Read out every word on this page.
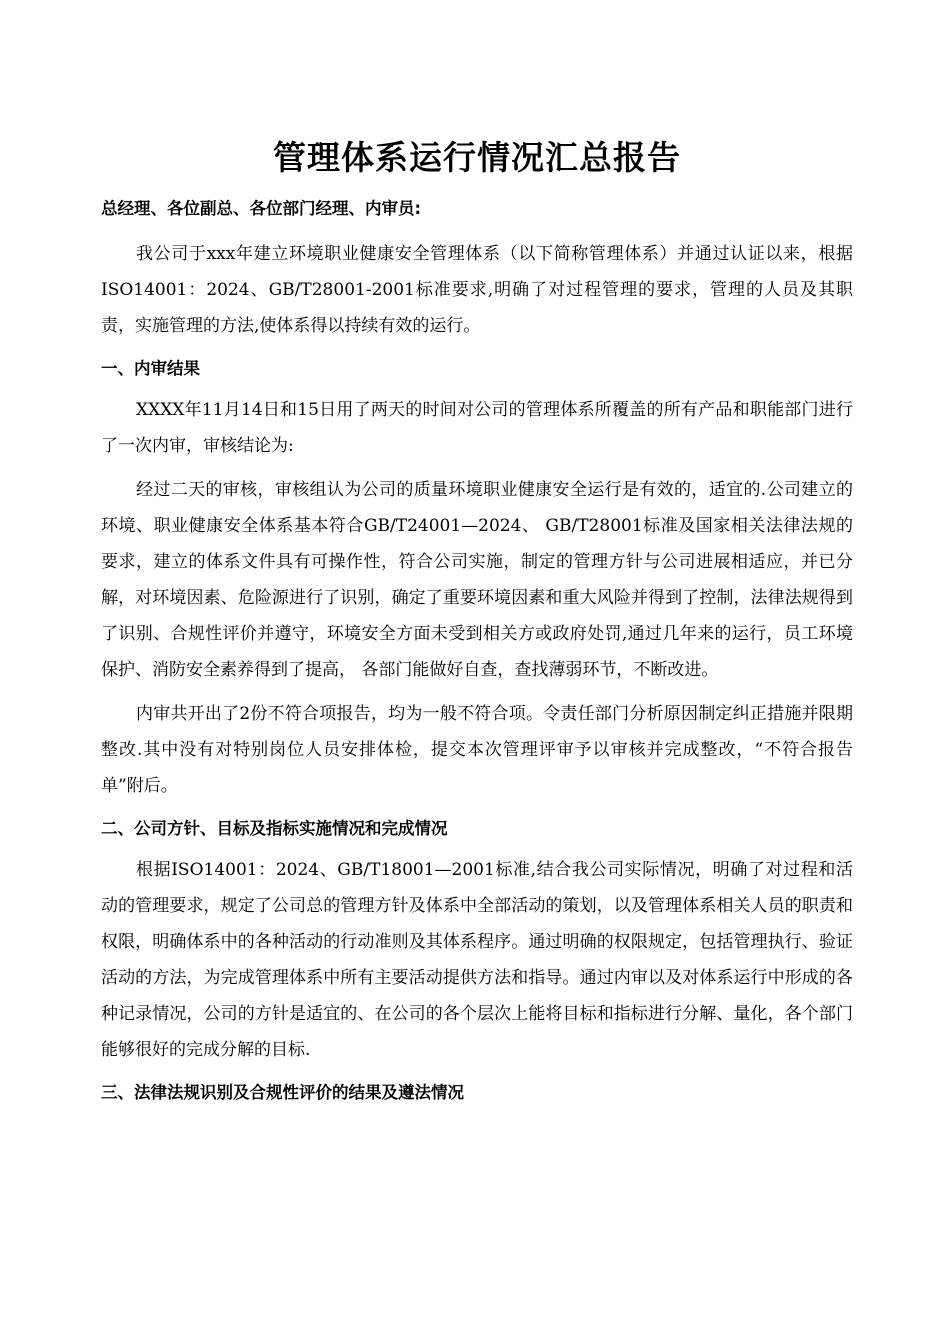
管理体系运行情况汇总报告
总经理、各位副总、各位部门经理、内审员:

我公司于xxx年建立环境职业健康安全管理体系（以下简称管理体系）并通过认证以来，根据ISO14001：2024、GB/T28001-2001标准要求,明确了对过程管理的要求，管理的人员及其职责，实施管理的方法,使体系得以持续有效的运行。

一、内审结果

XXXX年11月14日和15日用了两天的时间对公司的管理体系所覆盖的所有产品和职能部门进行了一次内审，审核结论为:

经过二天的审核，审核组认为公司的质量环境职业健康安全运行是有效的，适宜的.公司建立的环境、职业健康安全体系基本符合GB/T24001—2024、 GB/T28001标准及国家相关法律法规的要求，建立的体系文件具有可操作性，符合公司实施，制定的管理方针与公司进展相适应，并已分解，对环境因素、危险源进行了识别，确定了重要环境因素和重大风险并得到了控制，法律法规得到了识别、合规性评价并遵守，环境安全方面未受到相关方或政府处罚,通过几年来的运行，员工环境保护、消防安全素养得到了提高， 各部门能做好自查，查找薄弱环节，不断改进。

内审共开出了2份不符合项报告，均为一般不符合项。令责任部门分析原因制定纠正措施并限期整改.其中没有对特别岗位人员安排体检，提交本次管理评审予以审核并完成整改，“不符合报告单”附后。

二、公司方针、目标及指标实施情况和完成情况

根据ISO14001：2024、GB/T18001—2001标准,结合我公司实际情况，明确了对过程和活动的管理要求，规定了公司总的管理方针及体系中全部活动的策划，以及管理体系相关人员的职责和权限，明确体系中的各种活动的行动准则及其体系程序。通过明确的权限规定，包括管理执行、验证活动的方法，为完成管理体系中所有主要活动提供方法和指导。通过内审以及对体系运行中形成的各种记录情况，公司的方针是适宜的、在公司的各个层次上能将目标和指标进行分解、量化，各个部门能够很好的完成分解的目标.

三、法律法规识别及合规性评价的结果及遵法情况
